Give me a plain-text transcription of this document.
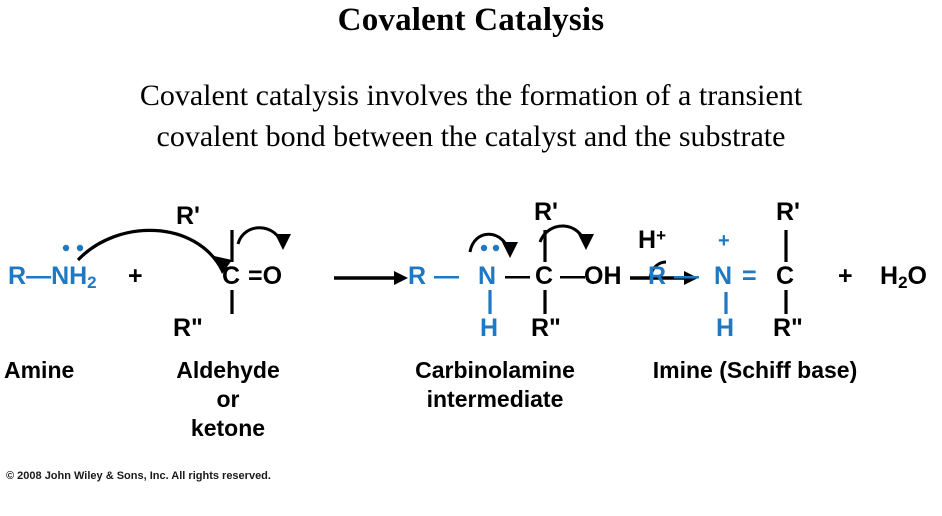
Covalent Catalysis
Covalent catalysis involves the formation of a transient
covalent bond between the catalyst and the substrate
$R—NH_2$ +
R'
C =O
R"
R — N — C — OH
H
R'
R"
H+
R — N
+
= C
H
R'
R"
+ $H_2O$
Amine	Aldehyde
or
ketone
Carbinolamine
intermediate
Imine (Schiff base)
© 2008 John Wiley & Sons, Inc. All rights reserved.
